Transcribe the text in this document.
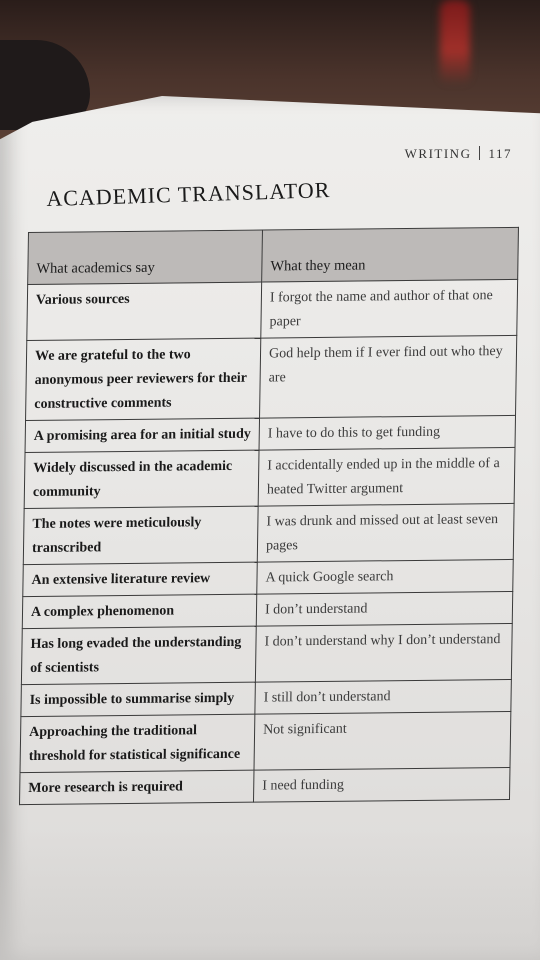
WRITING 117
ACADEMIC TRANSLATOR
What academics say	What they mean
Various sources	I forgot the name and author of that one paper
We are grateful to the two anonymous peer reviewers for their constructive comments	God help them if I ever find out who they are
A promising area for an initial study	I have to do this to get funding
Widely discussed in the academic community	I accidentally ended up in the middle of a heated Twitter argument
The notes were meticulously transcribed	I was drunk and missed out at least seven pages
An extensive literature review	A quick Google search
A complex phenomenon	I don’t understand
Has long evaded the understanding of scientists	I don’t understand why I don’t understand
Is impossible to summarise simply	I still don’t understand
Approaching the traditional threshold for statistical significance	Not significant
More research is required	I need funding
